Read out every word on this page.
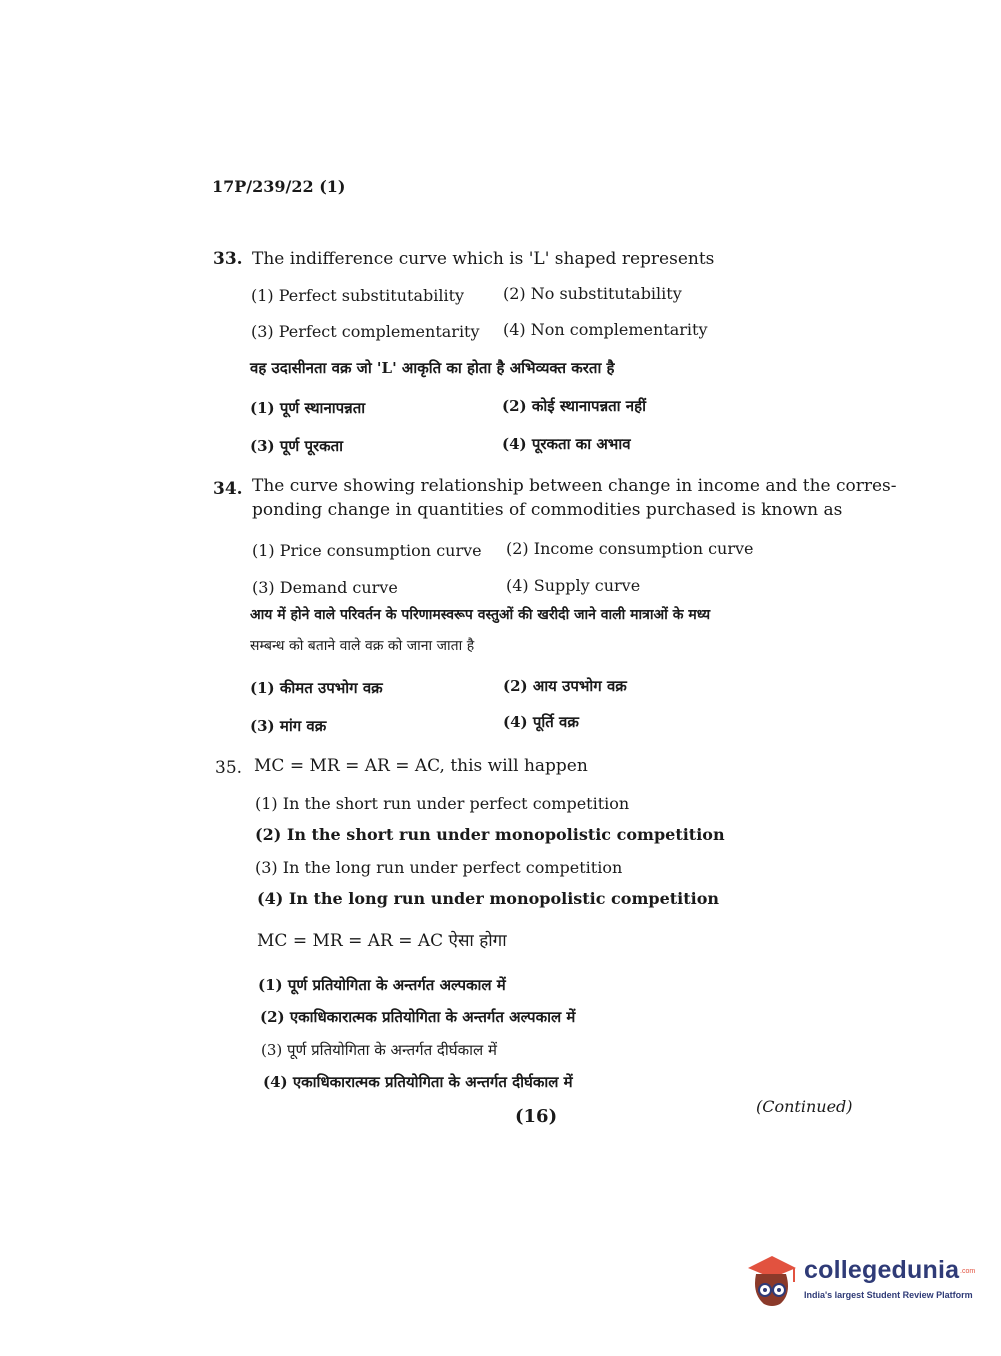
17P/239/22 (1)
33. The indifference curve which is 'L' shaped represents
(1) Perfect substitutability (2) No substitutability
(3) Perfect complementarity (4) Non complementarity
वह उदासीनता वक्र जो 'L' आकृति का होता है अभिव्यक्त करता है
(1) पूर्ण स्थानापन्नता	(2) कोई स्थानापन्नता नहीं
(3) पूर्ण पूरकता	(4) पूरकता का अभाव
34. The curve showing relationship between change in income and the corres-
ponding change in quantities of commodities purchased is known as
(1) Price consumption curve (2) Income consumption curve
(3) Demand curve	(4) Supply curve
आय में होने वाले परिवर्तन के परिणामस्वरूप वस्तुओं की खरीदी जाने वाली मात्राओं के मध्य
सम्बन्ध को बताने वाले वक्र को जाना जाता है
(1) कीमत उपभोग वक्र	(2) आय उपभोग वक्र
(3) मांग वक्र	(4) पूर्ति वक्र
35. MC = MR = AR = AC, this will happen
(1) In the short run under perfect competition
(2) In the short run under monopolistic competition
(3) In the long run under perfect competition
(4) In the long run under monopolistic competition
MC = MR = AR = AC ऐसा होगा
(1) पूर्ण प्रतियोगिता के अन्तर्गत अल्पकाल में
(2) एकाधिकारात्मक प्रतियोगिता के अन्तर्गत अल्पकाल में
(3) पूर्ण प्रतियोगिता के अन्तर्गत दीर्घकाल में
(4) एकाधिकारात्मक प्रतियोगिता के अन्तर्गत दीर्घकाल में
(16)	(Continued)
collegedunia .com
India's largest Student Review Platform
